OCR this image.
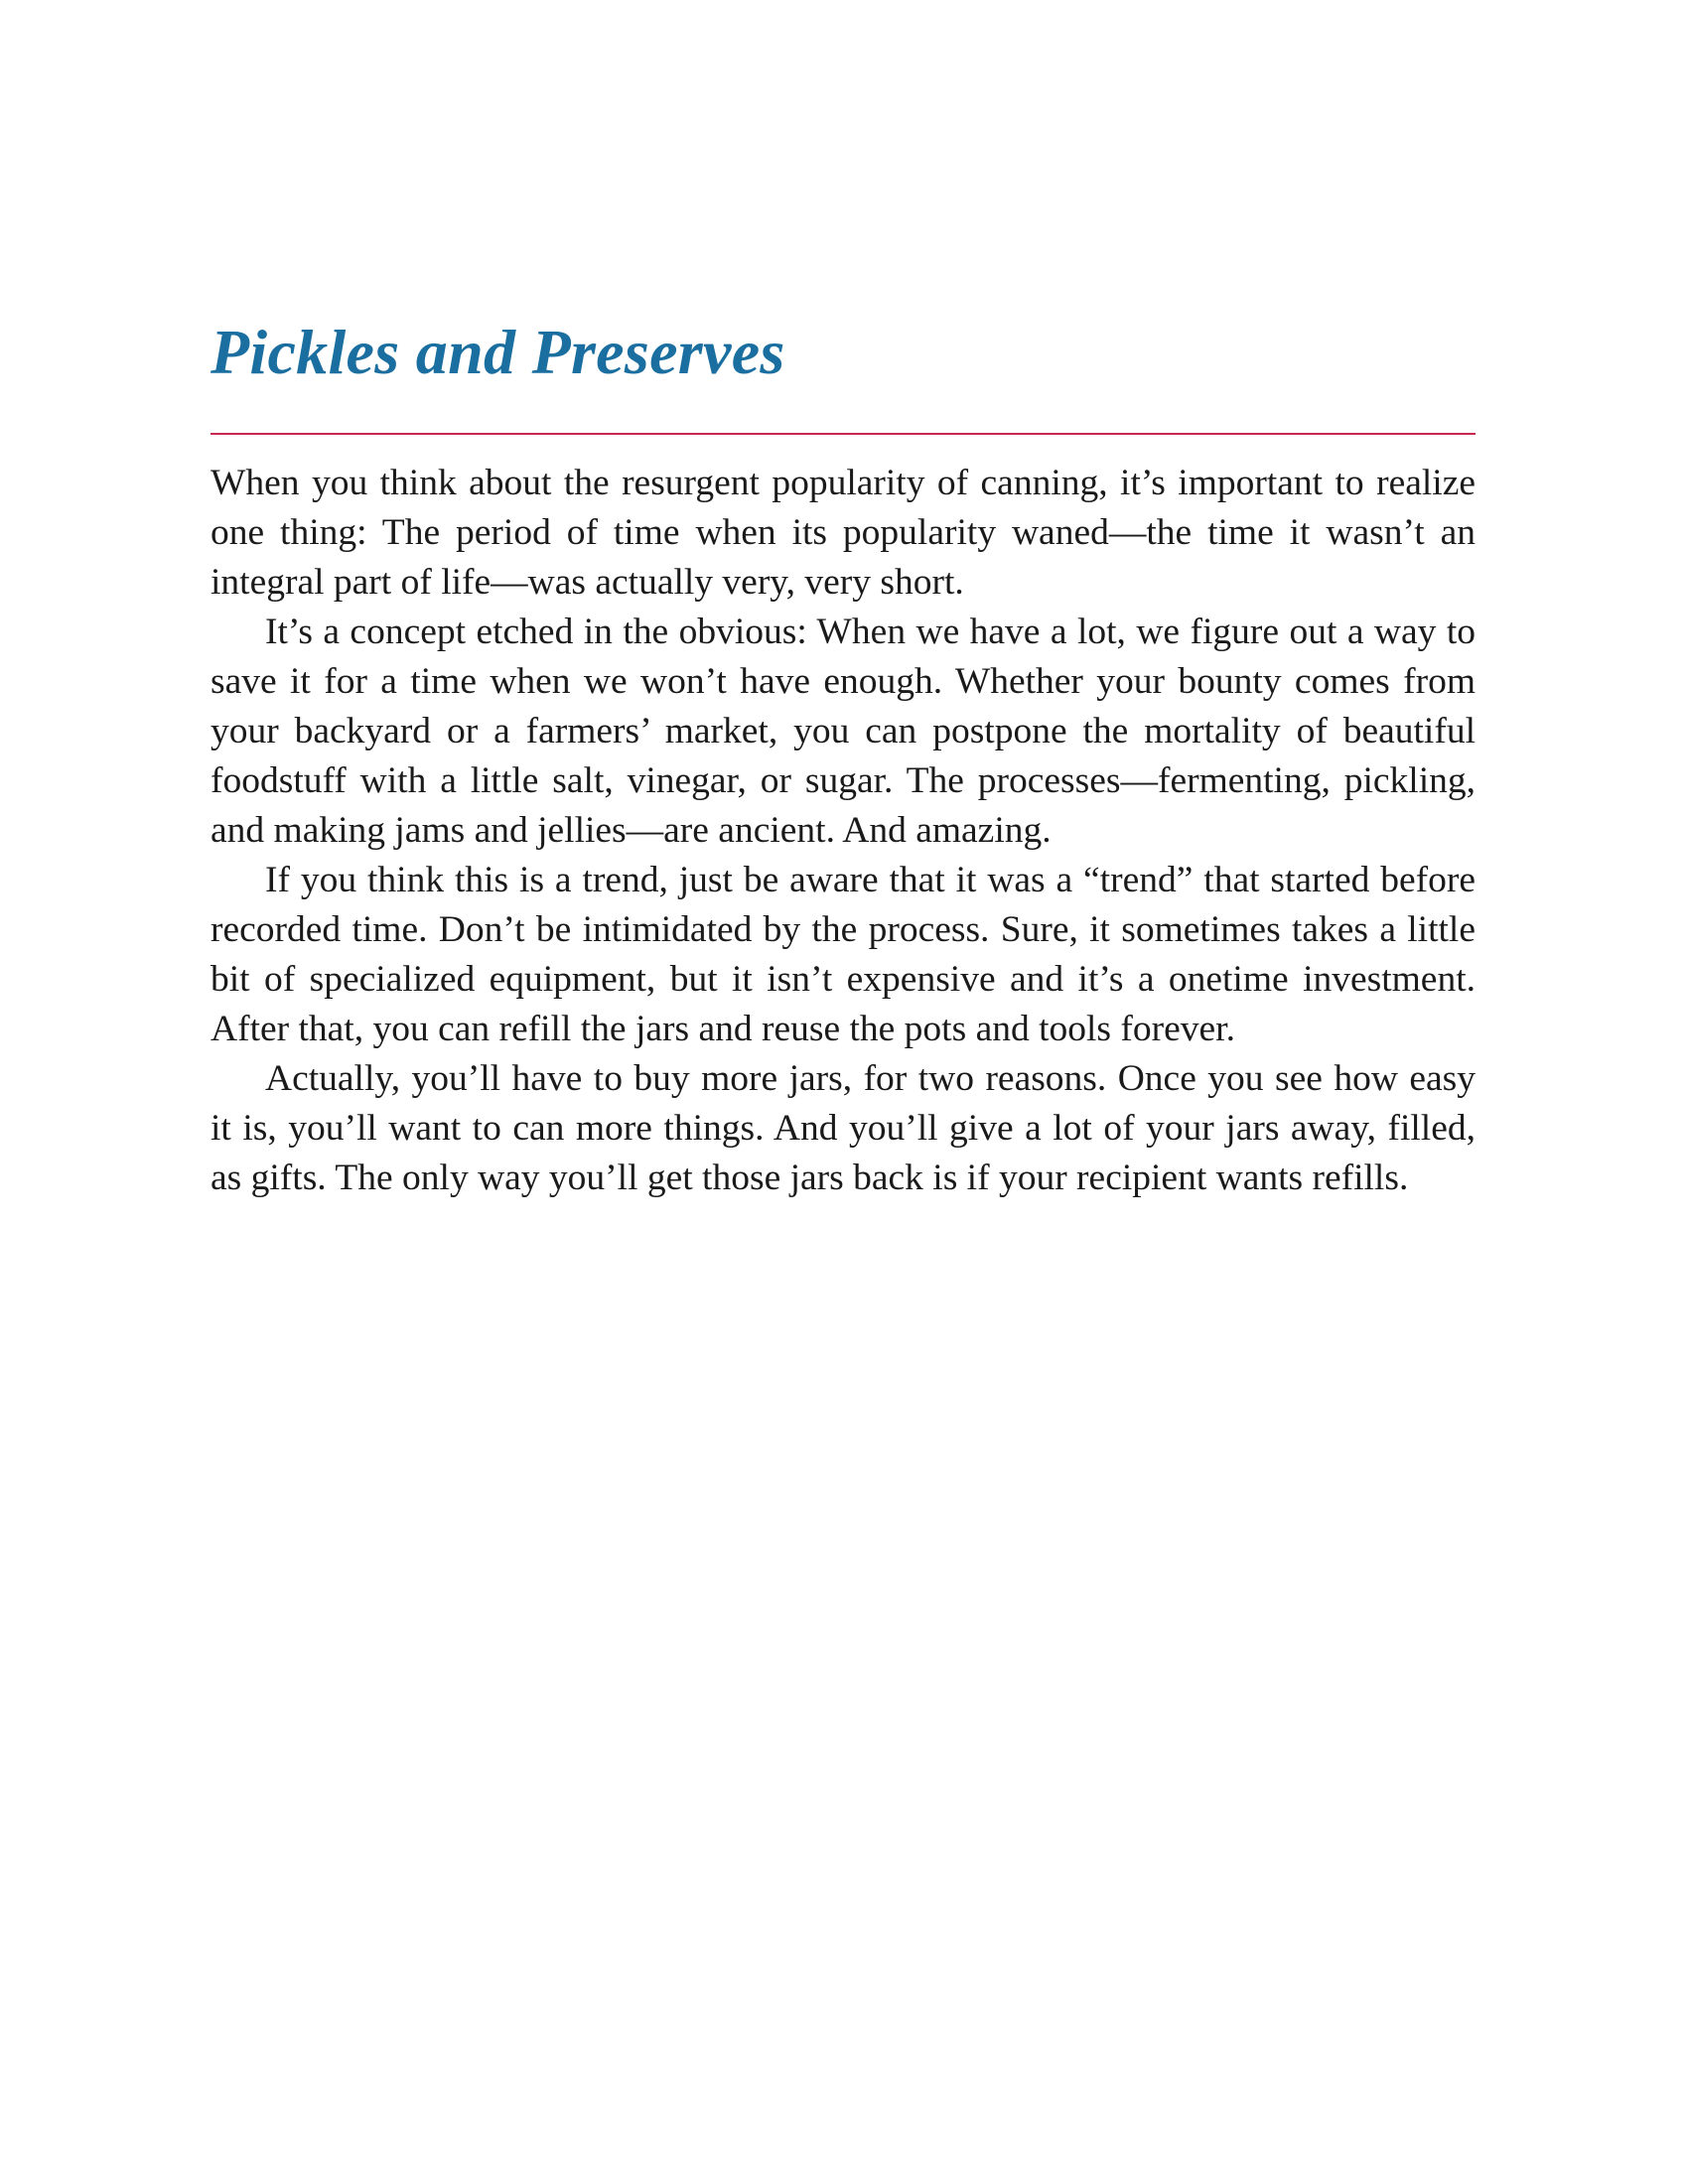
Pickles and Preserves

When you think about the resurgent popularity of canning, it’s important to realize one thing: The period of time when its popularity waned—the time it wasn’t an integral part of life—was actually very, very short.

It’s a concept etched in the obvious: When we have a lot, we figure out a way to save it for a time when we won’t have enough. Whether your bounty comes from your backyard or a farmers’ market, you can postpone the mortality of beautiful foodstuff with a little salt, vinegar, or sugar. The processes—fermenting, pickling, and making jams and jellies—are ancient. And amazing.

If you think this is a trend, just be aware that it was a “trend” that started before recorded time. Don’t be intimidated by the process. Sure, it sometimes takes a little bit of specialized equipment, but it isn’t expensive and it’s a onetime investment. After that, you can refill the jars and reuse the pots and tools forever.

Actually, you’ll have to buy more jars, for two reasons. Once you see how easy it is, you’ll want to can more things. And you’ll give a lot of your jars away, filled, as gifts. The only way you’ll get those jars back is if your recipient wants refills.
